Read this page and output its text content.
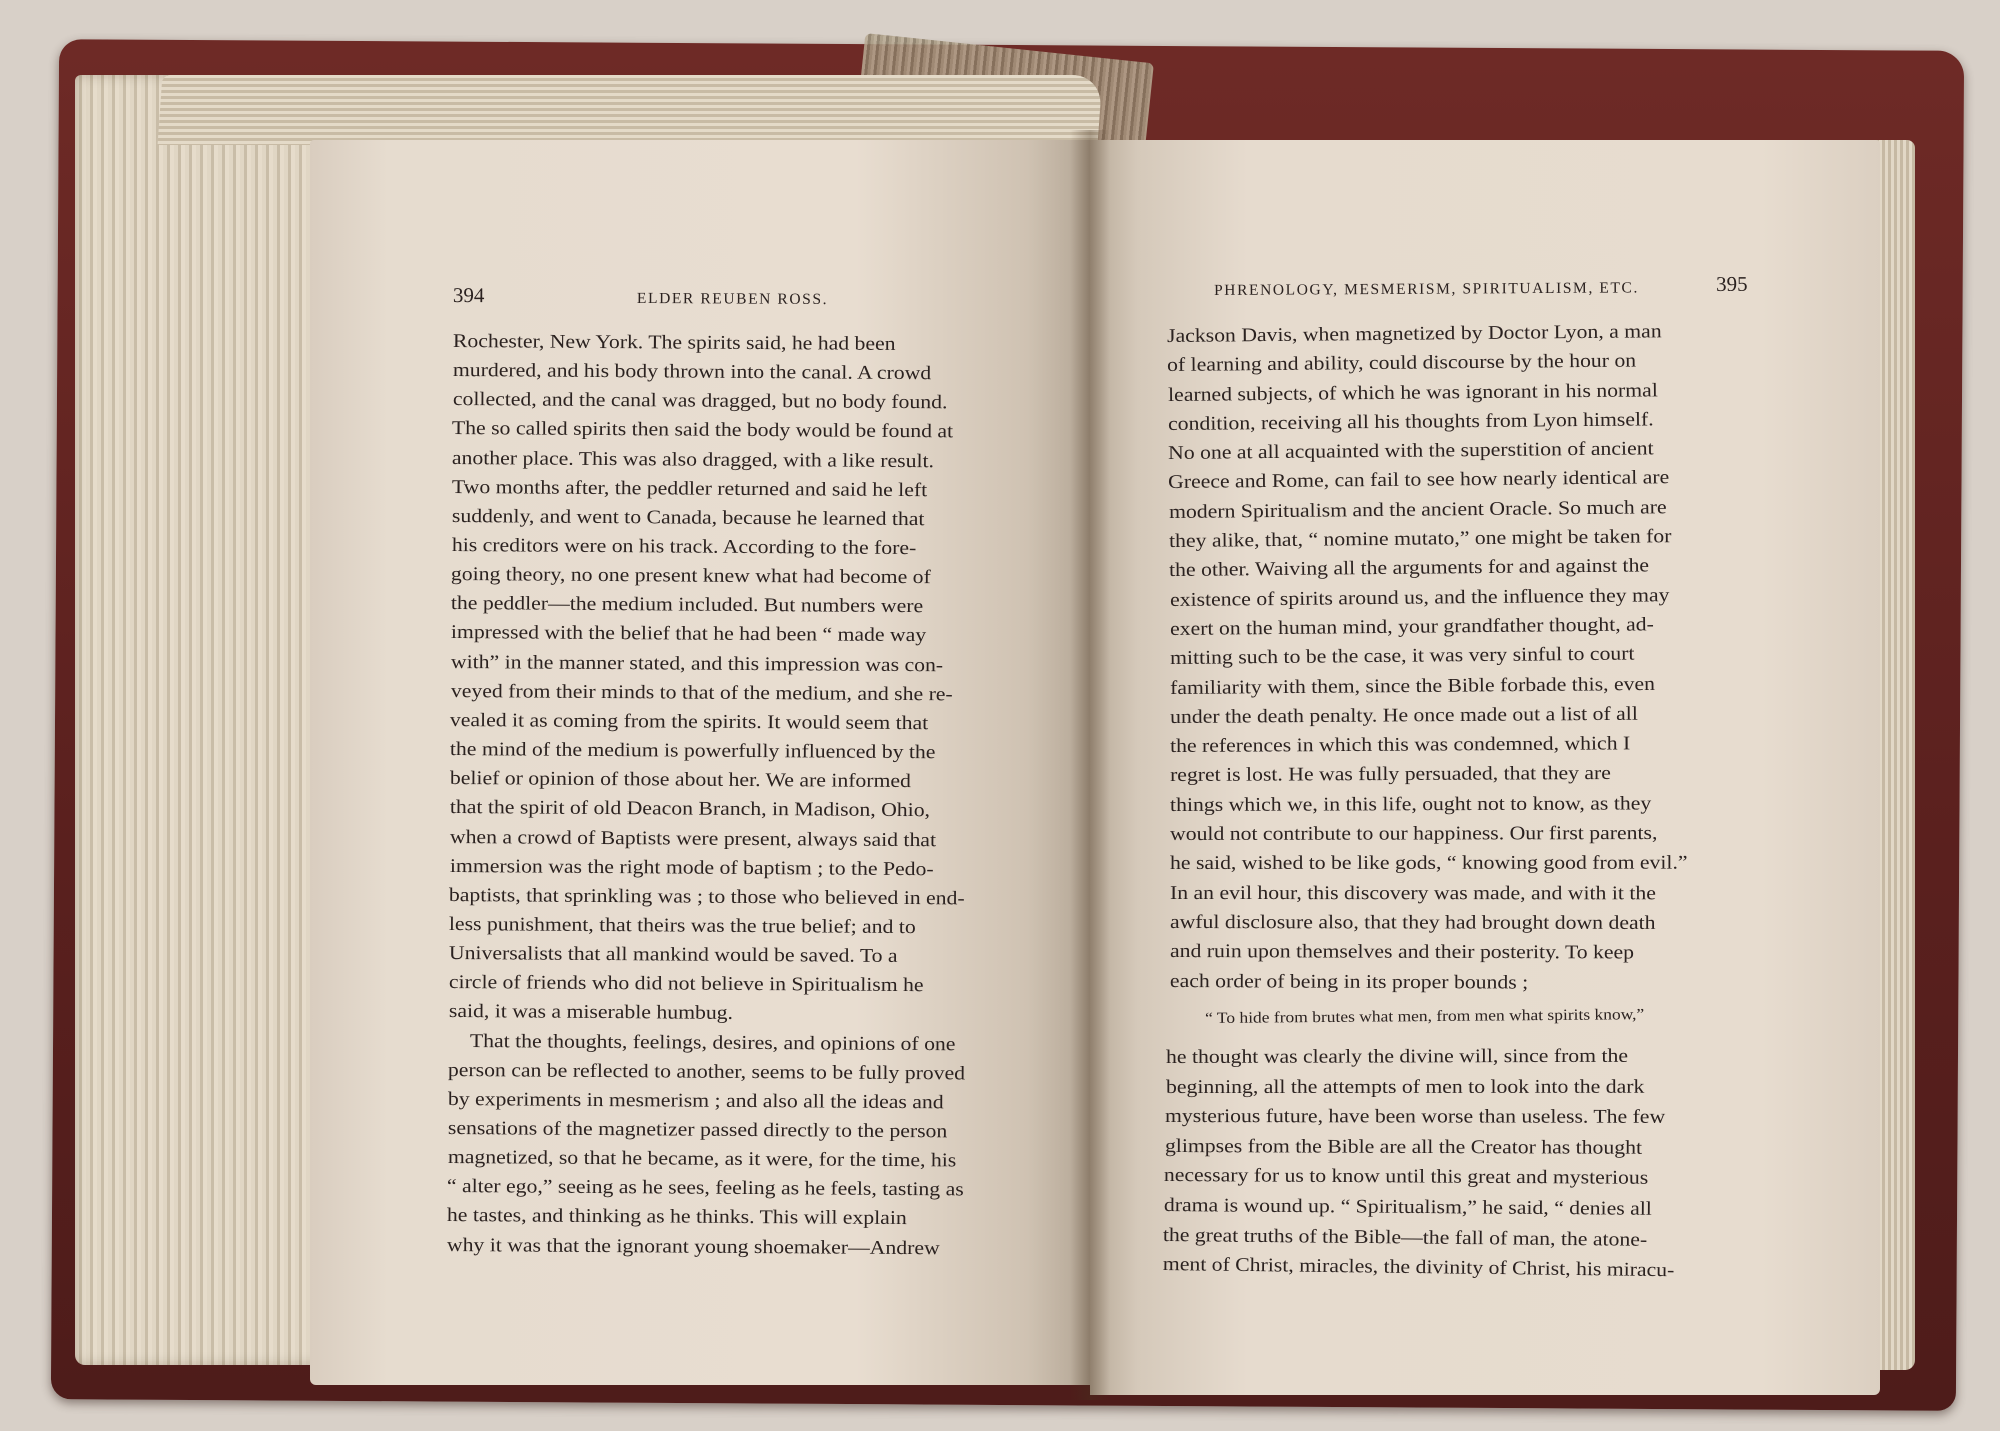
394	ELDER REUBEN ROSS.

Rochester, New York. The spirits said, he had been

murdered, and his body thrown into the canal. A crowd

collected, and the canal was dragged, but no body found.

The so called spirits then said the body would be found at

another place. This was also dragged, with a like result.

Two months after, the peddler returned and said he left

suddenly, and went to Canada, because he learned that

his creditors were on his track. According to the fore-

going theory, no one present knew what had become of

the peddler—the medium included. But numbers were

impressed with the belief that he had been “ made way

with” in the manner stated, and this impression was con-

veyed from their minds to that of the medium, and she re-

vealed it as coming from the spirits. It would seem that

the mind of the medium is powerfully influenced by the

belief or opinion of those about her. We are informed

that the spirit of old Deacon Branch, in Madison, Ohio,

when a crowd of Baptists were present, always said that

immersion was the right mode of baptism ; to the Pedo-

baptists, that sprinkling was ; to those who believed in end-

less punishment, that theirs was the true belief; and to

Universalists that all mankind would be saved. To a

circle of friends who did not believe in Spiritualism he

said, it was a miserable humbug.

That the thoughts, feelings, desires, and opinions of one

person can be reflected to another, seems to be fully proved

by experiments in mesmerism ; and also all the ideas and

sensations of the magnetizer passed directly to the person

magnetized, so that he became, as it were, for the time, his

“ alter ego,” seeing as he sees, feeling as he feels, tasting as

he tastes, and thinking as he thinks. This will explain

why it was that the ignorant young shoemaker—Andrew

PHRENOLOGY, MESMERISM, SPIRITUALISM, ETC.	395

Jackson Davis, when magnetized by Doctor Lyon, a man

of learning and ability, could discourse by the hour on

learned subjects, of which he was ignorant in his normal

condition, receiving all his thoughts from Lyon himself.

No one at all acquainted with the superstition of ancient

Greece and Rome, can fail to see how nearly identical are

modern Spiritualism and the ancient Oracle. So much are

they alike, that, “ nomine mutato,” one might be taken for

the other. Waiving all the arguments for and against the

existence of spirits around us, and the influence they may

exert on the human mind, your grandfather thought, ad-

mitting such to be the case, it was very sinful to court

familiarity with them, since the Bible forbade this, even

under the death penalty. He once made out a list of all

the references in which this was condemned, which I

regret is lost. He was fully persuaded, that they are

things which we, in this life, ought not to know, as they

would not contribute to our happiness. Our first parents,

he said, wished to be like gods, “ knowing good from evil.”

In an evil hour, this discovery was made, and with it the

awful disclosure also, that they had brought down death

and ruin upon themselves and their posterity. To keep

each order of being in its proper bounds ;

“ To hide from brutes what men, from men what spirits know,”

he thought was clearly the divine will, since from the

beginning, all the attempts of men to look into the dark

mysterious future, have been worse than useless. The few

glimpses from the Bible are all the Creator has thought

necessary for us to know until this great and mysterious

drama is wound up. “ Spiritualism,” he said, “ denies all

the great truths of the Bible—the fall of man, the atone-

ment of Christ, miracles, the divinity of Christ, his miracu-
